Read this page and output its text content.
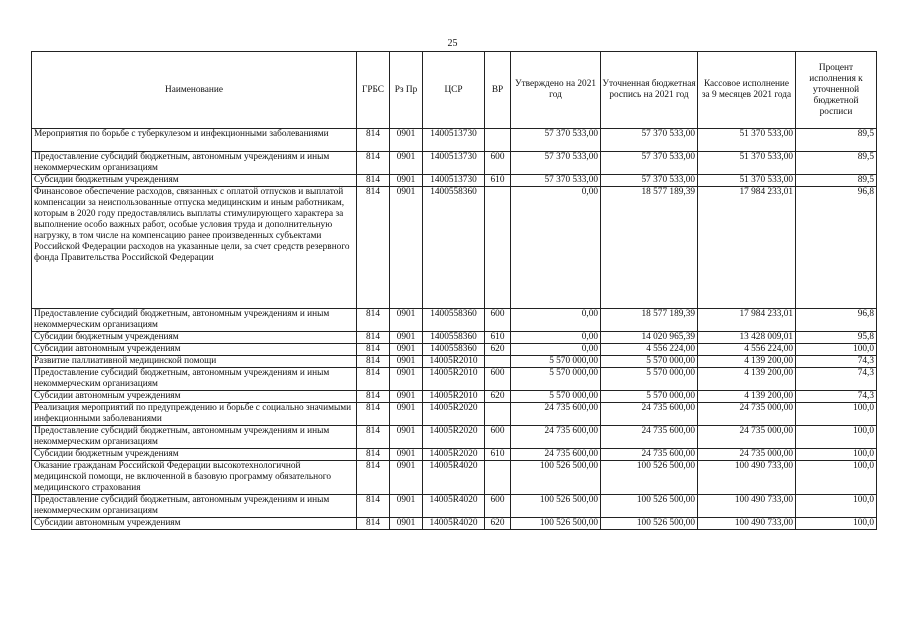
25
Наименование	ГРБС	Рз Пр	ЦСР	ВР	Утверждено на 2021 год	Уточненная бюджетная роспись на 2021 год	Кассовое исполнение за 9 месяцев 2021 года	Процент исполнения к уточненной бюджетной росписи
Мероприятия по борьбе с туберкулезом и инфекционными заболеваниями	814	0901	1400513730		57 370 533,00	57 370 533,00	51 370 533,00	89,5
Предоставление субсидий бюджетным, автономным учреждениям и иным некоммерческим организациям	814	0901	1400513730	600	57 370 533,00	57 370 533,00	51 370 533,00	89,5
Субсидии бюджетным учреждениям	814	0901	1400513730	610	57 370 533,00	57 370 533,00	51 370 533,00	89,5
Финансовое обеспечение расходов, связанных с оплатой отпусков и выплатой компенсации за неиспользованные отпуска медицинским и иным работникам, которым в 2020 году предоставлялись выплаты стимулирующего характера за выполнение особо важных работ, особые условия труда и дополнительную нагрузку, в том числе на компенсацию ранее произведенных субъектами Российской Федерации расходов на указанные цели, за счет средств резервного фонда Правительства Российской Федерации	814	0901	1400558360		0,00	18 577 189,39	17 984 233,01	96,8
Предоставление субсидий бюджетным, автономным учреждениям и иным некоммерческим организациям	814	0901	1400558360	600	0,00	18 577 189,39	17 984 233,01	96,8
Субсидии бюджетным учреждениям	814	0901	1400558360	610	0,00	14 020 965,39	13 428 009,01	95,8
Субсидии автономным учреждениям	814	0901	1400558360	620	0,00	4 556 224,00	4 556 224,00	100,0
Развитие паллиативной медицинской помощи	814	0901	14005R2010		5 570 000,00	5 570 000,00	4 139 200,00	74,3
Предоставление субсидий бюджетным, автономным учреждениям и иным некоммерческим организациям	814	0901	14005R2010	600	5 570 000,00	5 570 000,00	4 139 200,00	74,3
Субсидии автономным учреждениям	814	0901	14005R2010	620	5 570 000,00	5 570 000,00	4 139 200,00	74,3
Реализация мероприятий по предупреждению и борьбе с социально значимыми инфекционными заболеваниями	814	0901	14005R2020		24 735 600,00	24 735 600,00	24 735 000,00	100,0
Предоставление субсидий бюджетным, автономным учреждениям и иным некоммерческим организациям	814	0901	14005R2020	600	24 735 600,00	24 735 600,00	24 735 000,00	100,0
Субсидии бюджетным учреждениям	814	0901	14005R2020	610	24 735 600,00	24 735 600,00	24 735 000,00	100,0
Оказание гражданам Российской Федерации высокотехнологичной медицинской помощи, не включенной в базовую программу обязательного медицинского страхования	814	0901	14005R4020		100 526 500,00	100 526 500,00	100 490 733,00	100,0
Предоставление субсидий бюджетным, автономным учреждениям и иным некоммерческим организациям	814	0901	14005R4020	600	100 526 500,00	100 526 500,00	100 490 733,00	100,0
Субсидии автономным учреждениям	814	0901	14005R4020	620	100 526 500,00	100 526 500,00	100 490 733,00	100,0
